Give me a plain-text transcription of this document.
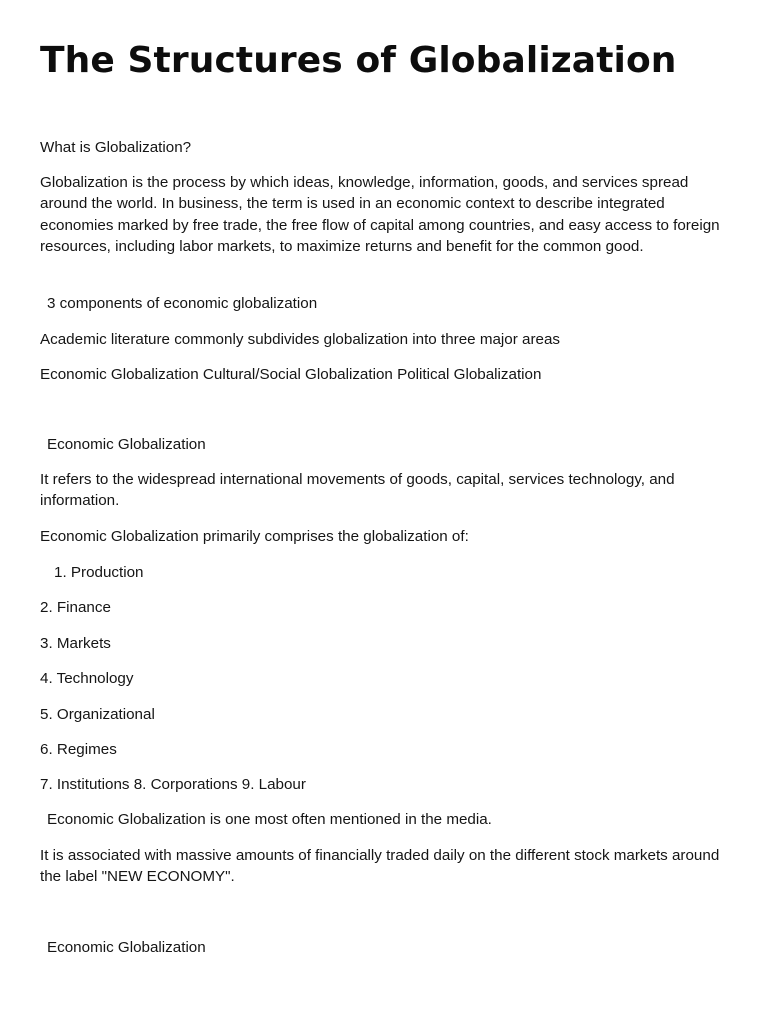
The Structures of Globalization

What is Globalization?

Globalization is the process by which ideas, knowledge, information, goods, and services spread around the world. In business, the term is used in an economic context to describe integrated economies marked by free trade, the free flow of capital among countries, and easy access to foreign resources, including labor markets, to maximize returns and benefit for the common good.

3 components of economic globalization

Academic literature commonly subdivides globalization into three major areas

Economic Globalization Cultural/Social Globalization Political Globalization

Economic Globalization

It refers to the widespread international movements of goods, capital, services technology, and information.

Economic Globalization primarily comprises the globalization of:

1. Production

2. Finance

3. Markets

4. Technology

5. Organizational

6. Regimes

7. Institutions 8. Corporations 9. Labour

Economic Globalization is one most often mentioned in the media.

It is associated with massive amounts of financially traded daily on the different stock markets around the label "NEW ECONOMY".

Economic Globalization
